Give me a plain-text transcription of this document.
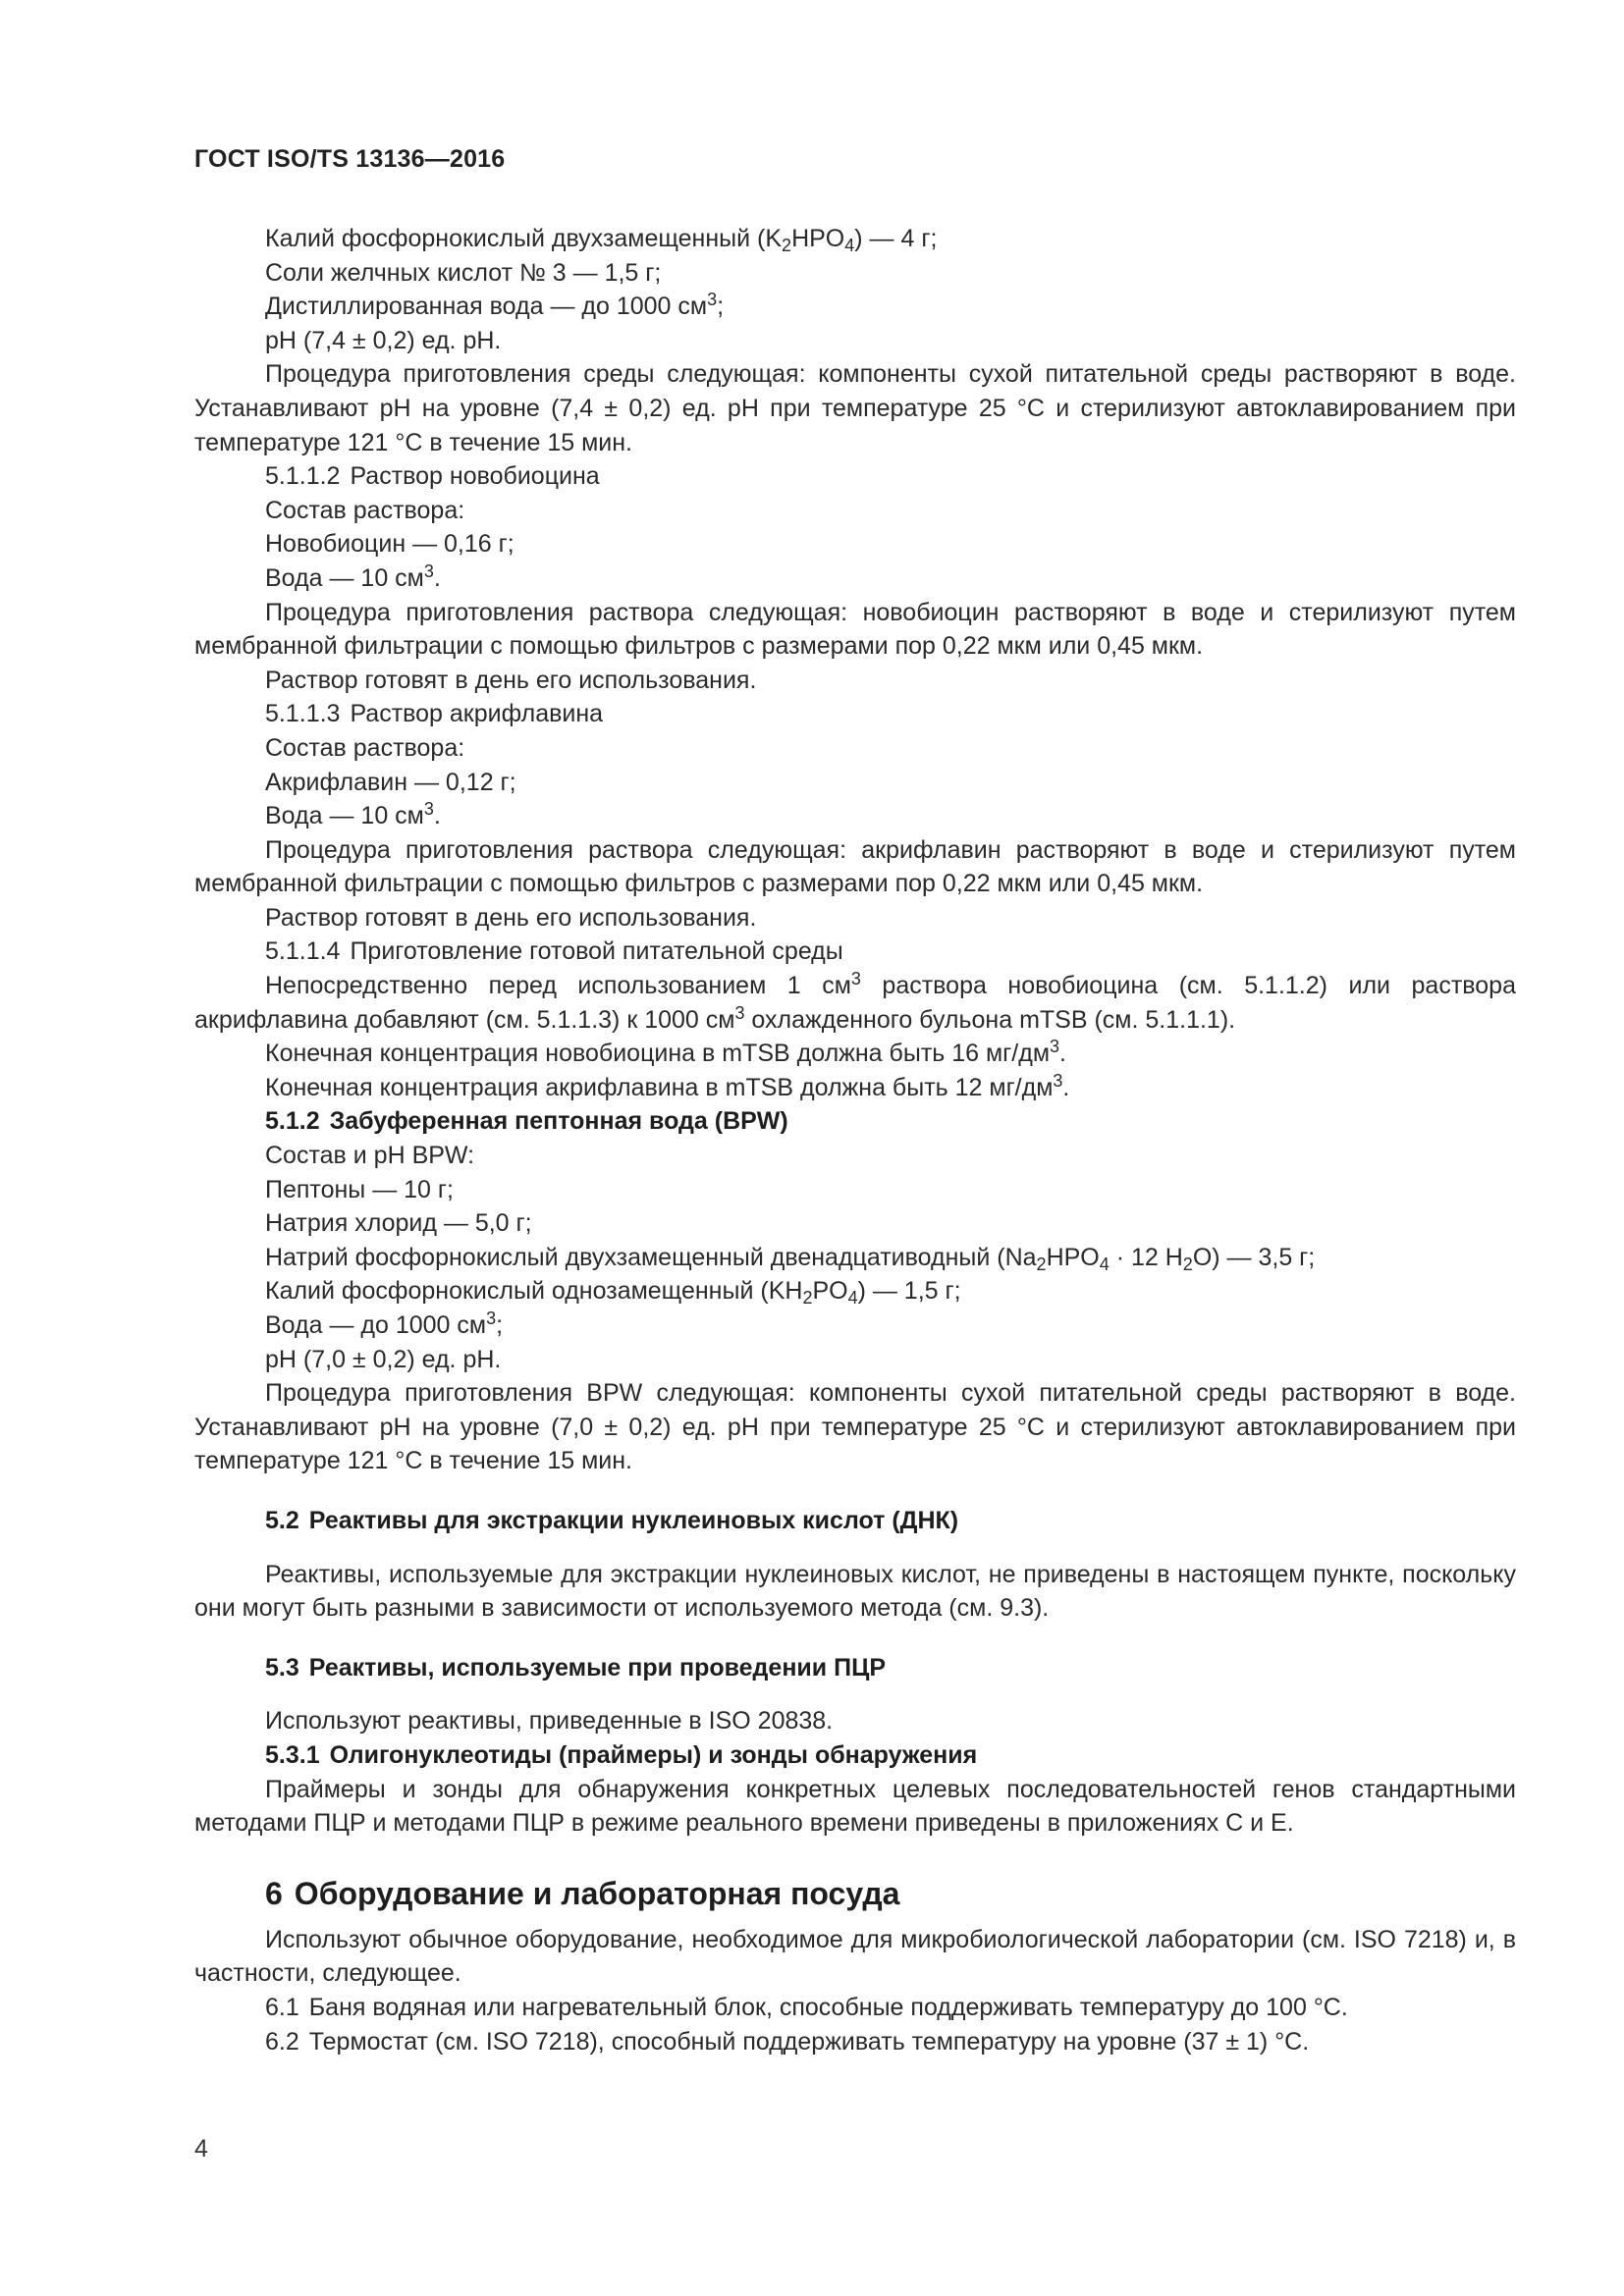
ГОСТ ISO/TS 13136—2016

Калий фосфорнокислый двухзамещенный $(K_2HPO_4)$ — 4 г;

Соли желчных кислот № 3 — 1,5 г;

Дистиллированная вода — до 1000 $см^3$;

pH (7,4 ± 0,2) ед. pH.

Процедура приготовления среды следующая: компоненты сухой питательной среды растворяют в воде. Устанавливают pH на уровне (7,4 ± 0,2) ед. pH при температуре 25 °С и стерилизуют автоклавированием при температуре 121 °С в течение 15 мин.

5.1.1.2 Раствор новобиоцина

Состав раствора:

Новобиоцин — 0,16 г;

Вода — 10 $см^3$.

Процедура приготовления раствора следующая: новобиоцин растворяют в воде и стерилизуют путем мембранной фильтрации с помощью фильтров с размерами пор 0,22 мкм или 0,45 мкм.

Раствор готовят в день его использования.

5.1.1.3 Раствор акрифлавина

Состав раствора:

Акрифлавин — 0,12 г;

Вода — 10 $см^3$.

Процедура приготовления раствора следующая: акрифлавин растворяют в воде и стерилизуют путем мембранной фильтрации с помощью фильтров с размерами пор 0,22 мкм или 0,45 мкм.

Раствор готовят в день его использования.

5.1.1.4 Приготовление готовой питательной среды

Непосредственно перед использованием 1 $см^3$ раствора новобиоцина (см. 5.1.1.2) или раствора акрифлавина добавляют (см. 5.1.1.3) к 1000 $см^3$ охлажденного бульона mTSB (см. 5.1.1.1).

Конечная концентрация новобиоцина в mTSB должна быть 16 $мг/дм^3$.

Конечная концентрация акрифлавина в mTSB должна быть 12 $мг/дм^3$.

5.1.2 Забуференная пептонная вода (BPW)

Состав и pH BPW:

Пептоны — 10 г;

Натрия хлорид — 5,0 г;

Натрий фосфорнокислый двухзамещенный двенадцативодный ($Na_2HPO_4 \cdot 12$ $H_2O$) — 3,5 г;

Калий фосфорнокислый однозамещенный $(KH_2PO_4)$ — 1,5 г;

Вода — до 1000 $см^3$;

pH (7,0 ± 0,2) ед. pH.

Процедура приготовления BPW следующая: компоненты сухой питательной среды растворяют в воде. Устанавливают pH на уровне (7,0 ± 0,2) ед. pH при температуре 25 °С и стерилизуют автоклавированием при температуре 121 °С в течение 15 мин.

5.2 Реактивы для экстракции нуклеиновых кислот (ДНК)

Реактивы, используемые для экстракции нуклеиновых кислот, не приведены в настоящем пункте, поскольку они могут быть разными в зависимости от используемого метода (см. 9.3).

5.3 Реактивы, используемые при проведении ПЦР

Используют реактивы, приведенные в ISO 20838.

5.3.1 Олигонуклеотиды (праймеры) и зонды обнаружения

Праймеры и зонды для обнаружения конкретных целевых последовательностей генов стандартными методами ПЦР и методами ПЦР в режиме реального времени приведены в приложениях С и Е.

6 Оборудование и лабораторная посуда

Используют обычное оборудование, необходимое для микробиологической лаборатории (см. ISO 7218) и, в частности, следующее.

6.1 Баня водяная или нагревательный блок, способные поддерживать температуру до 100 °С.

6.2 Термостат (см. ISO 7218), способный поддерживать температуру на уровне (37 ± 1) °С.

4
